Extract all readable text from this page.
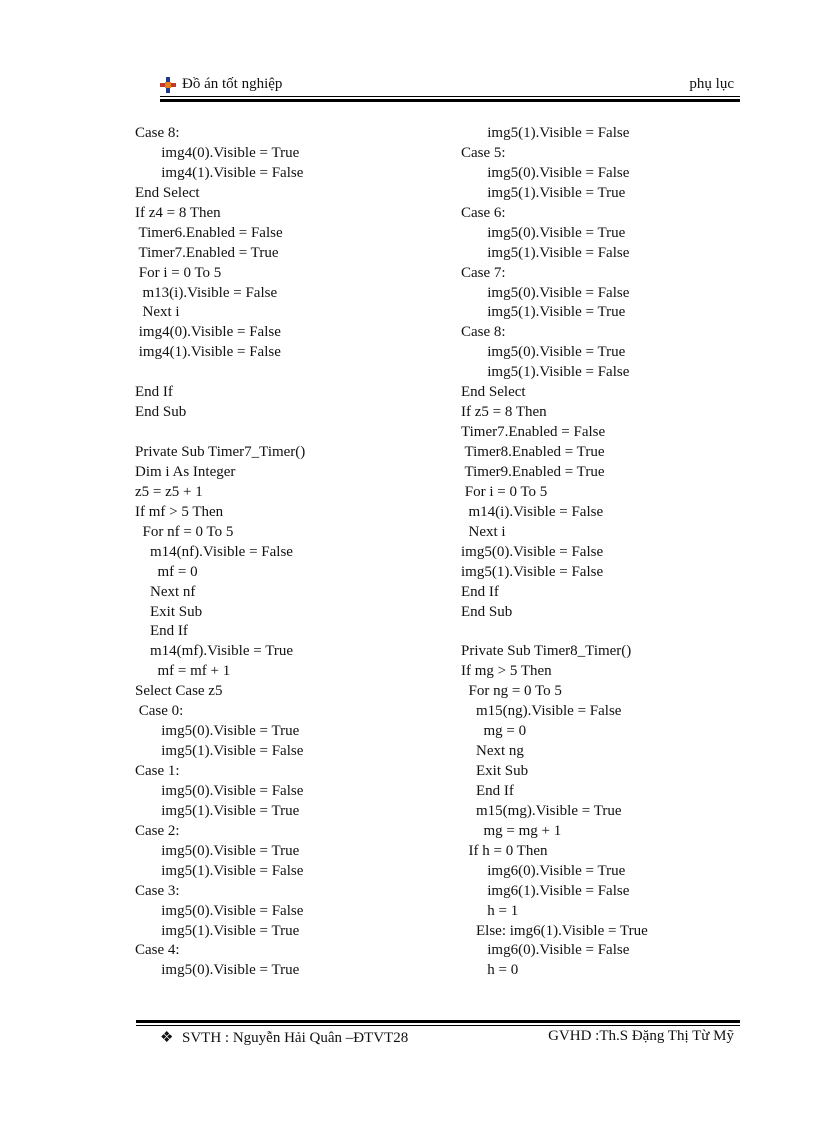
Đồ án tốt nghiệp	phụ lục
Case 8:
img4(0).Visible = True
img4(1).Visible = False
End Select
If z4 = 8 Then
Timer6.Enabled = False
Timer7.Enabled = True
For i = 0 To 5
m13(i).Visible = False
Next i
img4(0).Visible = False
img4(1).Visible = False
End If
End Sub
Private Sub Timer7_Timer()
Dim i As Integer
z5 = z5 + 1
If mf > 5 Then
For nf = 0 To 5
m14(nf).Visible = False
mf = 0
Next nf
Exit Sub
End If
m14(mf).Visible = True
mf = mf + 1
Select Case z5
Case 0:
img5(0).Visible = True
img5(1).Visible = False
Case 1:
img5(0).Visible = False
img5(1).Visible = True
Case 2:
img5(0).Visible = True
img5(1).Visible = False
Case 3:
img5(0).Visible = False
img5(1).Visible = True
Case 4:
img5(0).Visible = True
img5(1).Visible = False
Case 5:
img5(0).Visible = False
img5(1).Visible = True
Case 6:
img5(0).Visible = True
img5(1).Visible = False
Case 7:
img5(0).Visible = False
img5(1).Visible = True
Case 8:
img5(0).Visible = True
img5(1).Visible = False
End Select
If z5 = 8 Then
Timer7.Enabled = False
Timer8.Enabled = True
Timer9.Enabled = True
For i = 0 To 5
m14(i).Visible = False
Next i
img5(0).Visible = False
img5(1).Visible = False
End If
End Sub
Private Sub Timer8_Timer()
If mg > 5 Then
For ng = 0 To 5
m15(ng).Visible = False
mg = 0
Next ng
Exit Sub
End If
m15(mg).Visible = True
mg = mg + 1
If h = 0 Then
img6(0).Visible = True
img6(1).Visible = False
h = 1
Else: img6(1).Visible = True
img6(0).Visible = False
h = 0
❖ SVTH : Nguyễn Hải Quân –ĐTVT28	GVHD :Th.S Đặng Thị Từ Mỹ
